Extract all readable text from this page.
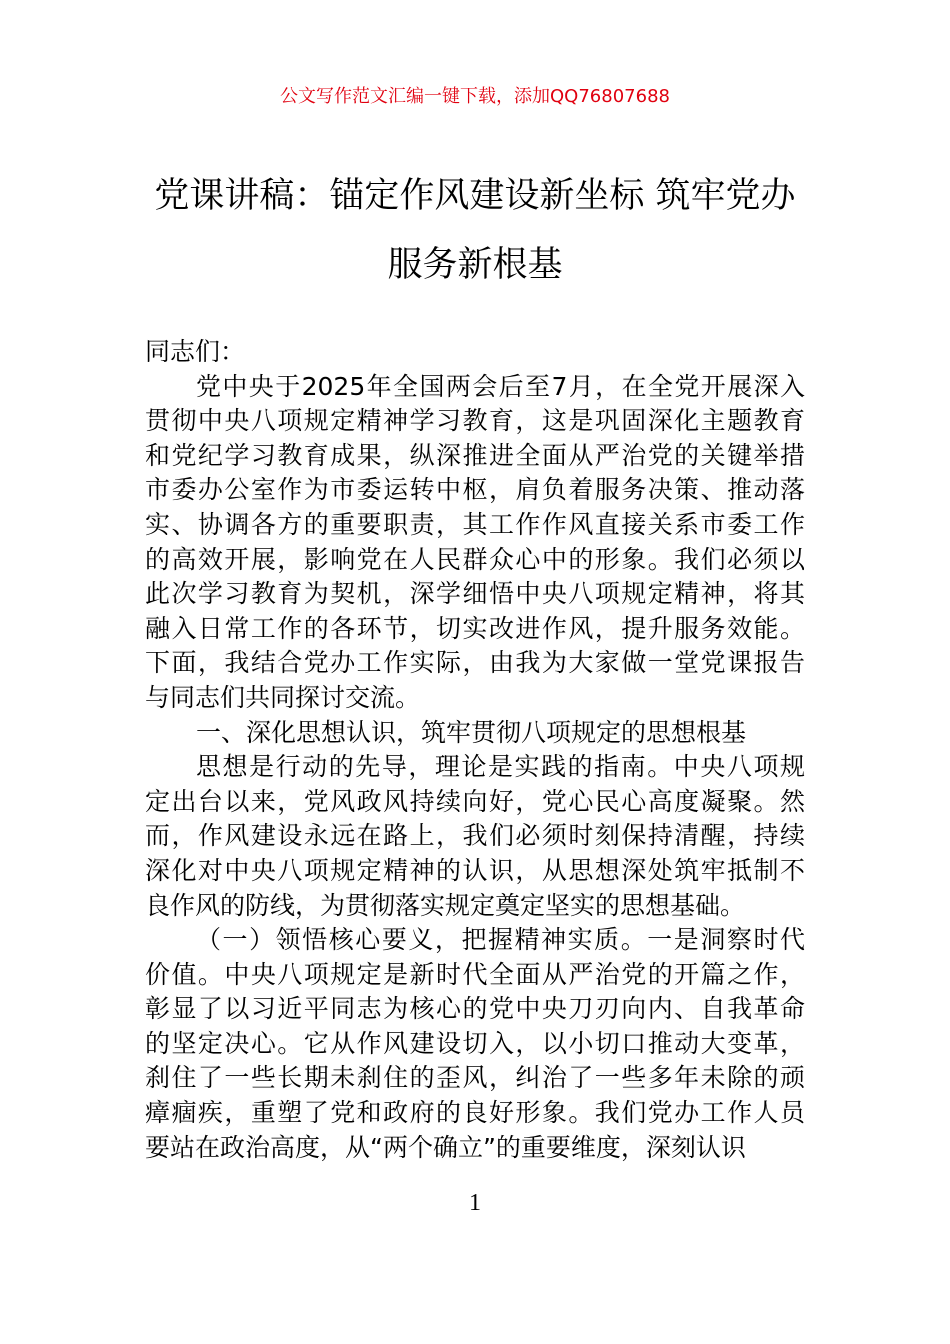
公文写作范文汇编一键下载，添加QQ76807688
党课讲稿：锚定作风建设新坐标 筑牢党办
服务新根基
同志们：
党中央于2025年全国两会后至7月，在全党开展深入
贯彻中央八项规定精神学习教育，这是巩固深化主题教育
和党纪学习教育成果，纵深推进全面从严治党的关键举措
市委办公室作为市委运转中枢，肩负着服务决策、推动落
实、协调各方的重要职责，其工作作风直接关系市委工作
的高效开展，影响党在人民群众心中的形象。我们必须以
此次学习教育为契机，深学细悟中央八项规定精神，将其
融入日常工作的各环节，切实改进作风，提升服务效能。
下面，我结合党办工作实际，由我为大家做一堂党课报告
与同志们共同探讨交流。
一、深化思想认识，筑牢贯彻八项规定的思想根基
思想是行动的先导，理论是实践的指南。中央八项规
定出台以来，党风政风持续向好，党心民心高度凝聚。然
而，作风建设永远在路上，我们必须时刻保持清醒，持续
深化对中央八项规定精神的认识，从思想深处筑牢抵制不
良作风的防线，为贯彻落实规定奠定坚实的思想基础。
（一）领悟核心要义，把握精神实质。一是洞察时代
价值。中央八项规定是新时代全面从严治党的开篇之作，
彰显了以习近平同志为核心的党中央刀刃向内、自我革命
的坚定决心。它从作风建设切入，以小切口推动大变革，
刹住了一些长期未刹住的歪风，纠治了一些多年未除的顽
瘴痼疾，重塑了党和政府的良好形象。我们党办工作人员
要站在政治高度，从“两个确立”的重要维度，深刻认识
1
